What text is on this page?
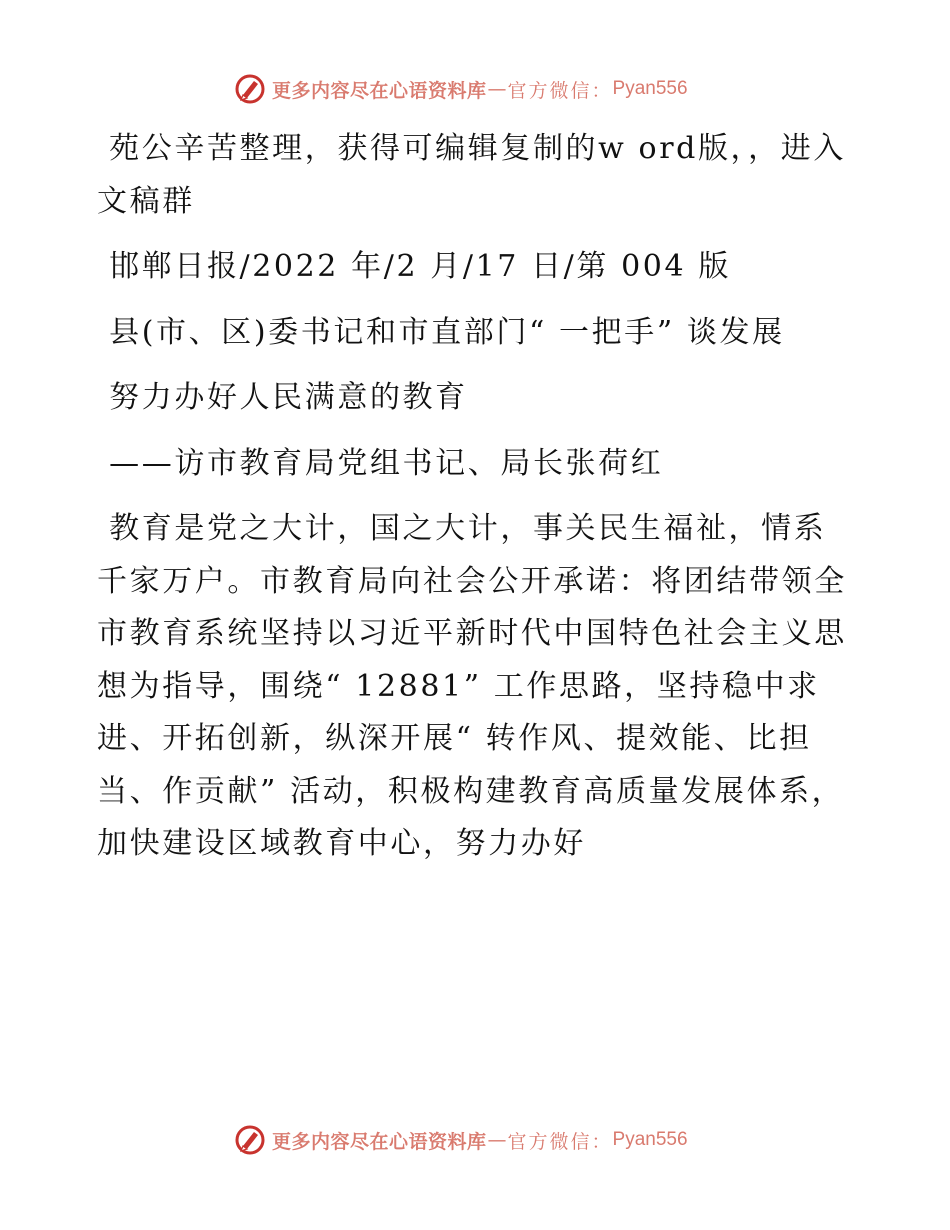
更多内容尽在心语资料库 — 官方微信： Pyan556

苑公辛苦整理，获得可编辑复制的w ord版，，进入文稿群

邯郸日报/2022 年/2 月/17 日/第 004 版

县(市、区)委书记和市直部门“ 一把手” 谈发展

努力办好人民满意的教育

——访市教育局党组书记、局长张荷红

教育是党之大计，国之大计，事关民生福祉，情系千家万户。市教育局向社会公开承诺：将团结带领全市教育系统坚持以习近平新时代中国特色社会主义思想为指导，围绕“ 12881” 工作思路，坚持稳中求进、开拓创新，纵深开展“ 转作风、提效能、比担当、作贡献” 活动，积极构建教育高质量发展体系，加快建设区域教育中心，努力办好

更多内容尽在心语资料库 — 官方微信： Pyan556
